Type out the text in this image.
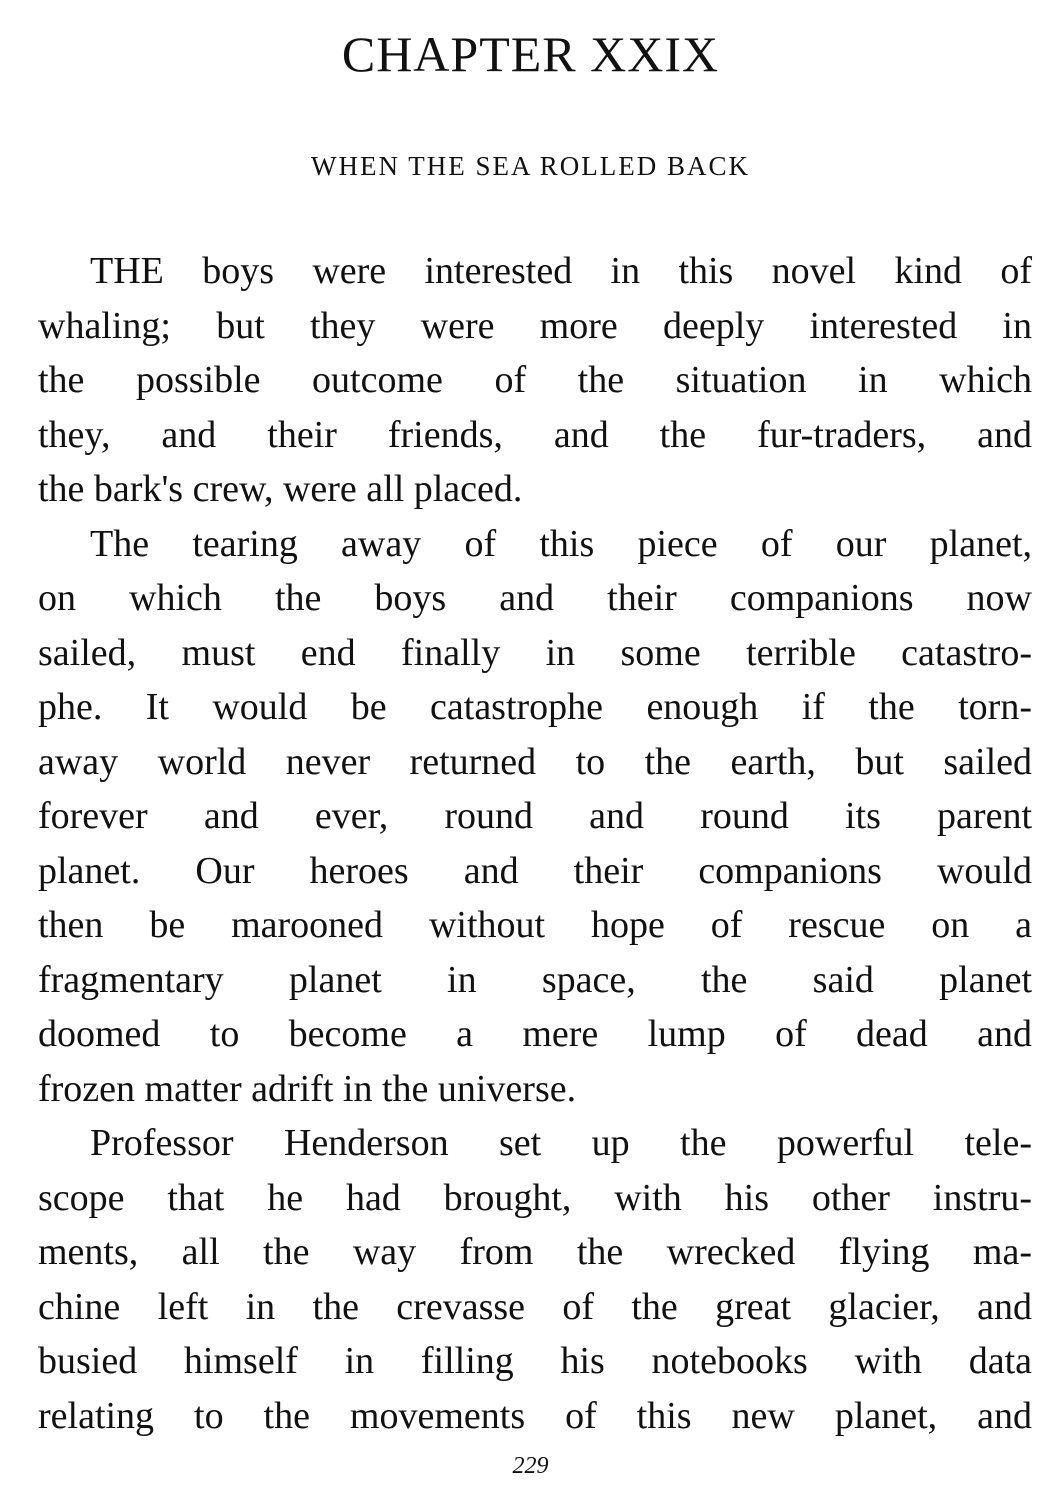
CHAPTER XXIX
WHEN THE SEA ROLLED BACK
THE boys were interested in this novel kind of
whaling; but they were more deeply interested in
the possible outcome of the situation in which
they, and their friends, and the fur-traders, and
the bark's crew, were all placed.
The tearing away of this piece of our planet,
on which the boys and their companions now
sailed, must end finally in some terrible catastro-
phe. It would be catastrophe enough if the torn-
away world never returned to the earth, but sailed
forever and ever, round and round its parent
planet. Our heroes and their companions would
then be marooned without hope of rescue on a
fragmentary planet in space, the said planet
doomed to become a mere lump of dead and
frozen matter adrift in the universe.
Professor Henderson set up the powerful tele-
scope that he had brought, with his other instru-
ments, all the way from the wrecked flying ma-
chine left in the crevasse of the great glacier, and
busied himself in filling his notebooks with data
relating to the movements of this new planet, and
229
